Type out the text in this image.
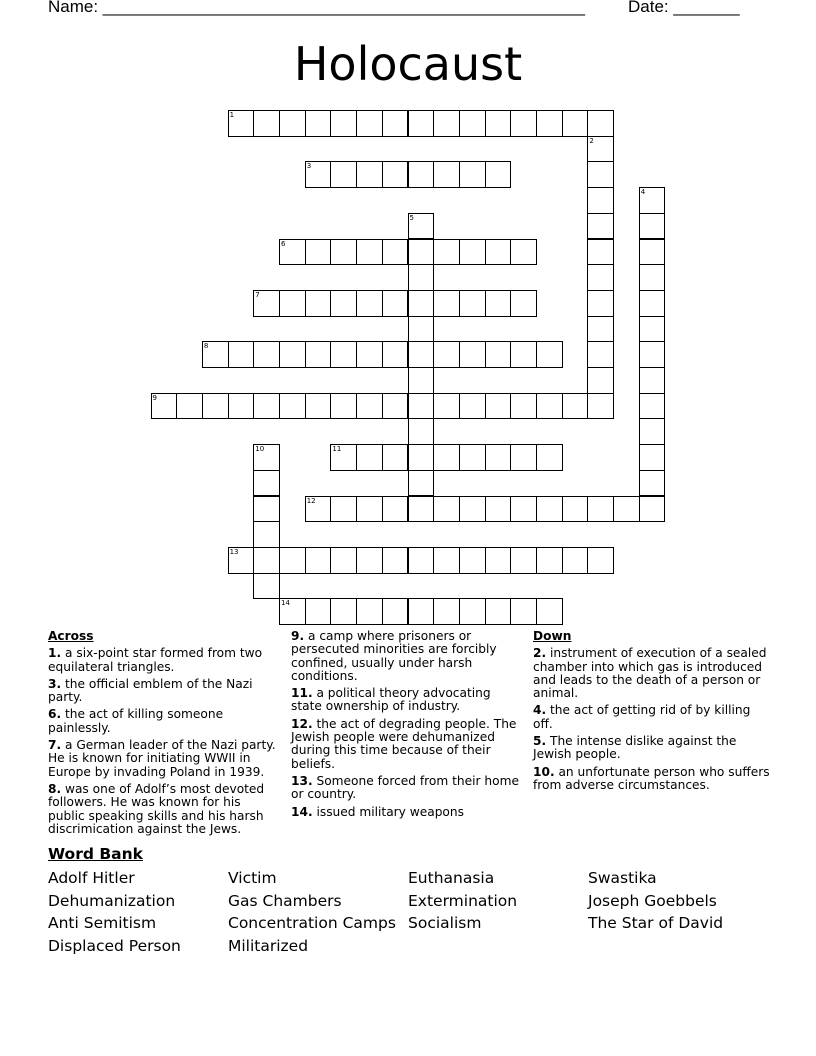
Name: ___________________________________________________	Date: _______
Holocaust
1
2
3
4
5
6
7
8
9
10	11
12
13
14
Across
1. a six-point star formed from two equilateral triangles.
3. the official emblem of the Nazi party.
6. the act of killing someone painlessly.
7. a German leader of the Nazi party. He is known for initiating WWII in Europe by invading Poland in 1939.
8. was one of Adolf’s most devoted followers. He was known for his public speaking skills and his harsh discrimication against the Jews.
9. a camp where prisoners or persecuted minorities are forcibly confined, usually under harsh conditions.
11. a political theory advocating state ownership of industry.
12. the act of degrading people. The Jewish people were dehumanized during this time because of their beliefs.
13. Someone forced from their home or country.
14. issued military weapons
Down
2. instrument of execution of a sealed chamber into which gas is introduced and leads to the death of a person or animal.
4. the act of getting rid of by killing off.
5. The intense dislike against the Jewish people.
10. an unfortunate person who suffers from adverse circumstances.
Word Bank
Adolf Hitler
Dehumanization
Anti Semitism
Displaced Person
Victim
Gas Chambers
Concentration Camps
Militarized
Euthanasia
Extermination
Socialism
Swastika
Joseph Goebbels
The Star of David
